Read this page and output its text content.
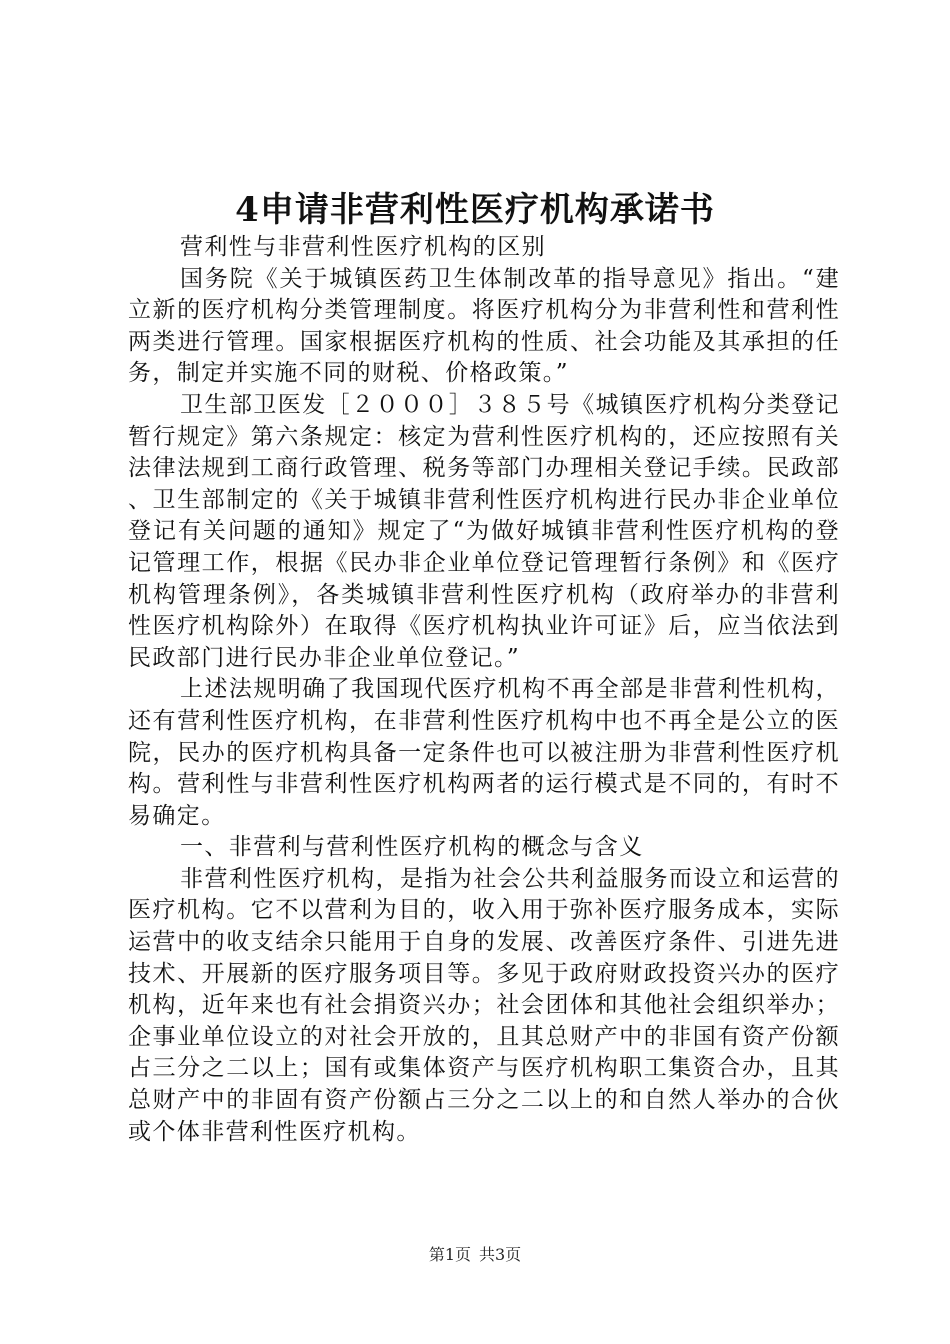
4申请非营利性医疗机构承诺书

营利性与非营利性医疗机构的区别

国务院《关于城镇医药卫生体制改革的指导意见》指出。“建立新的医疗机构分类管理制度。将医疗机构分为非营利性和营利性两类进行管理。国家根据医疗机构的性质、社会功能及其承担的任务，制定并实施不同的财税、价格政策。”

卫生部卫医发［２０００］３８５号《城镇医疗机构分类登记暂行规定》第六条规定：核定为营利性医疗机构的，还应按照有关法律法规到工商行政管理、税务等部门办理相关登记手续。民政部、卫生部制定的《关于城镇非营利性医疗机构进行民办非企业单位登记有关问题的通知》规定了“为做好城镇非营利性医疗机构的登记管理工作，根据《民办非企业单位登记管理暂行条例》和《医疗机构管理条例》，各类城镇非营利性医疗机构（政府举办的非营利性医疗机构除外）在取得《医疗机构执业许可证》后，应当依法到民政部门进行民办非企业单位登记。”

上述法规明确了我国现代医疗机构不再全部是非营利性机构，还有营利性医疗机构，在非营利性医疗机构中也不再全是公立的医院，民办的医疗机构具备一定条件也可以被注册为非营利性医疗机构。营利性与非营利性医疗机构两者的运行模式是不同的，有时不易确定。

一、非营利与营利性医疗机构的概念与含义

非营利性医疗机构，是指为社会公共利益服务而设立和运营的医疗机构。它不以营利为目的，收入用于弥补医疗服务成本，实际运营中的收支结余只能用于自身的发展、改善医疗条件、引进先进技术、开展新的医疗服务项目等。多见于政府财政投资兴办的医疗机构，近年来也有社会捐资兴办；社会团体和其他社会组织举办；企事业单位设立的对社会开放的，且其总财产中的非国有资产份额占三分之二以上；国有或集体资产与医疗机构职工集资合办，且其总财产中的非固有资产份额占三分之二以上的和自然人举办的合伙或个体非营利性医疗机构。

第1页  共3页
